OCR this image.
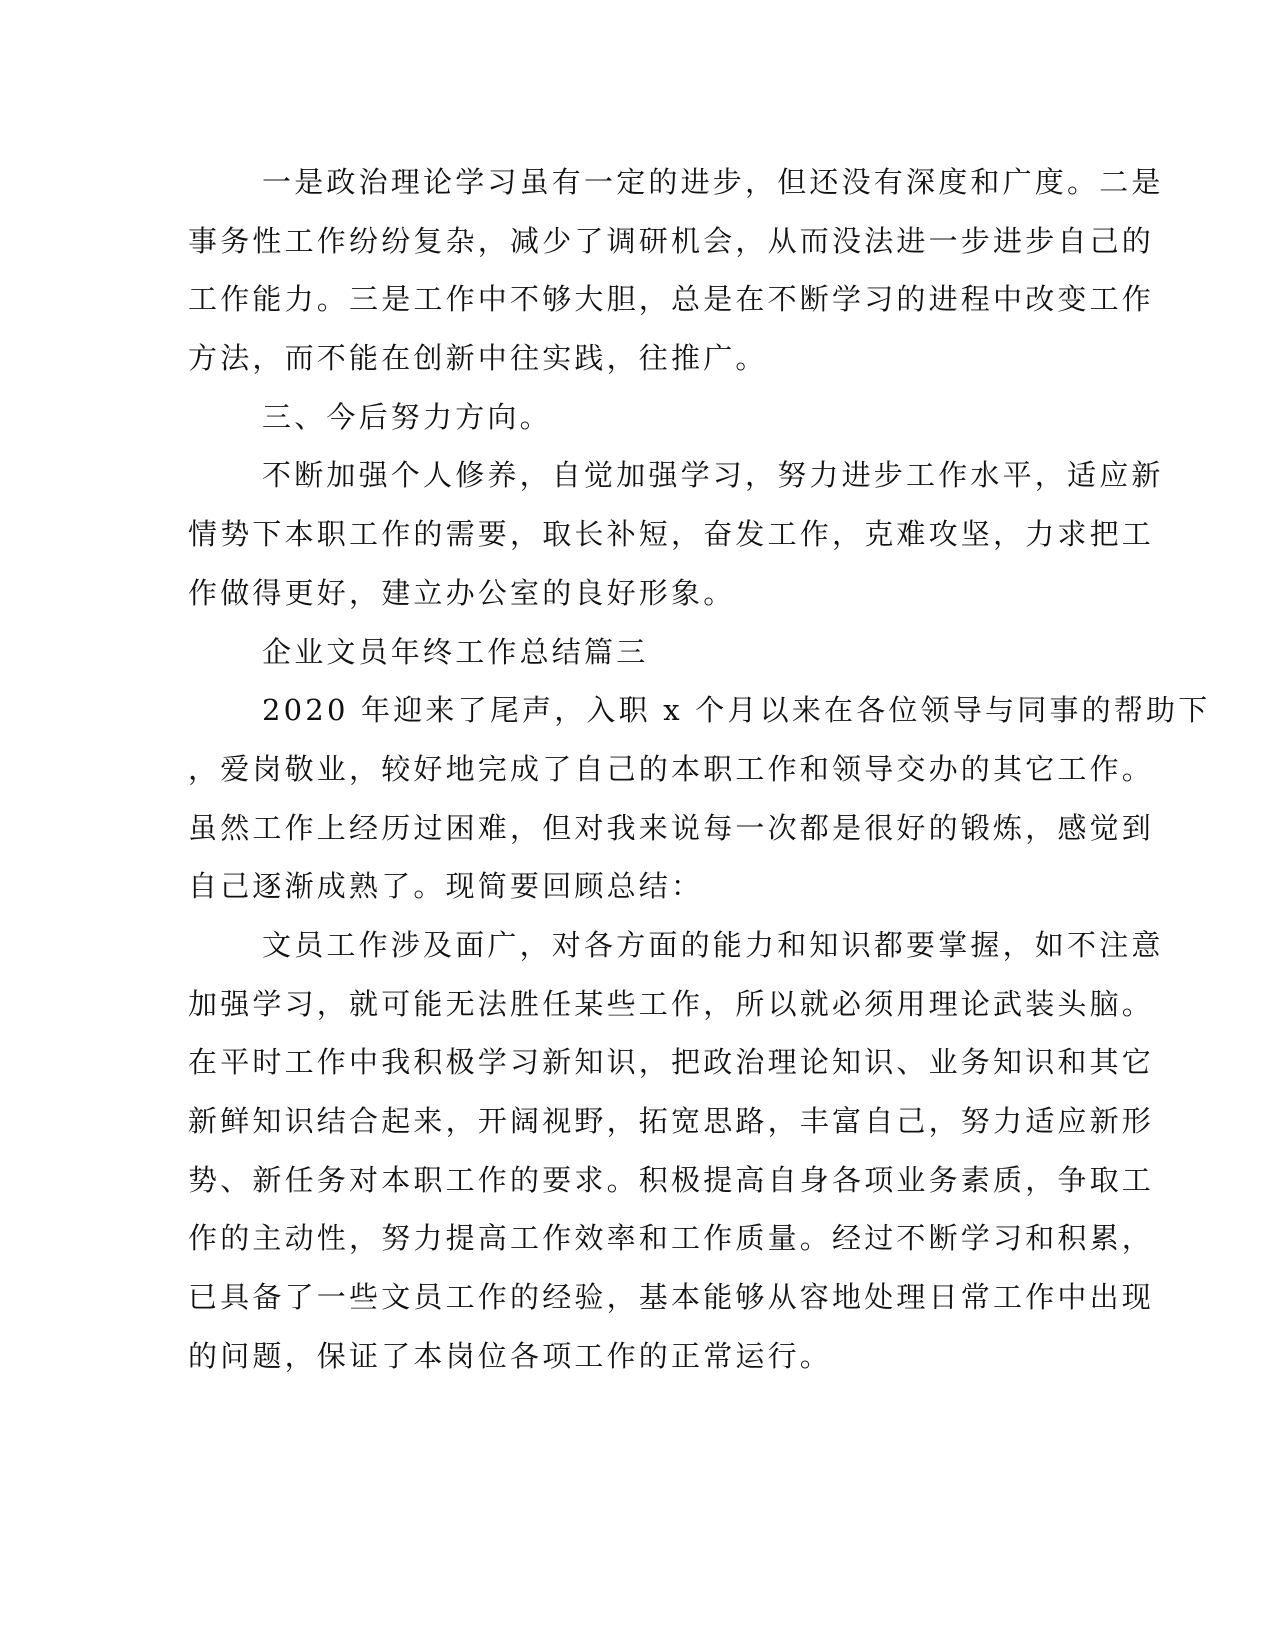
一是政治理论学习虽有一定的进步，但还没有深度和广度。二是
事务性工作纷纷复杂，减少了调研机会，从而没法进一步进步自己的
工作能力。三是工作中不够大胆，总是在不断学习的进程中改变工作
方法，而不能在创新中往实践，往推广。
三、今后努力方向。
不断加强个人修养，自觉加强学习，努力进步工作水平，适应新
情势下本职工作的需要，取长补短，奋发工作，克难攻坚，力求把工
作做得更好，建立办公室的良好形象。
企业文员年终工作总结篇三
2020 年迎来了尾声，入职 x 个月以来在各位领导与同事的帮助下
，爱岗敬业，较好地完成了自己的本职工作和领导交办的其它工作。
虽然工作上经历过困难，但对我来说每一次都是很好的锻炼，感觉到
自己逐渐成熟了。现简要回顾总结：
文员工作涉及面广，对各方面的能力和知识都要掌握，如不注意
加强学习，就可能无法胜任某些工作，所以就必须用理论武装头脑。
在平时工作中我积极学习新知识，把政治理论知识、业务知识和其它
新鲜知识结合起来，开阔视野，拓宽思路，丰富自己，努力适应新形
势、新任务对本职工作的要求。积极提高自身各项业务素质，争取工
作的主动性，努力提高工作效率和工作质量。经过不断学习和积累，
已具备了一些文员工作的经验，基本能够从容地处理日常工作中出现
的问题，保证了本岗位各项工作的正常运行。
